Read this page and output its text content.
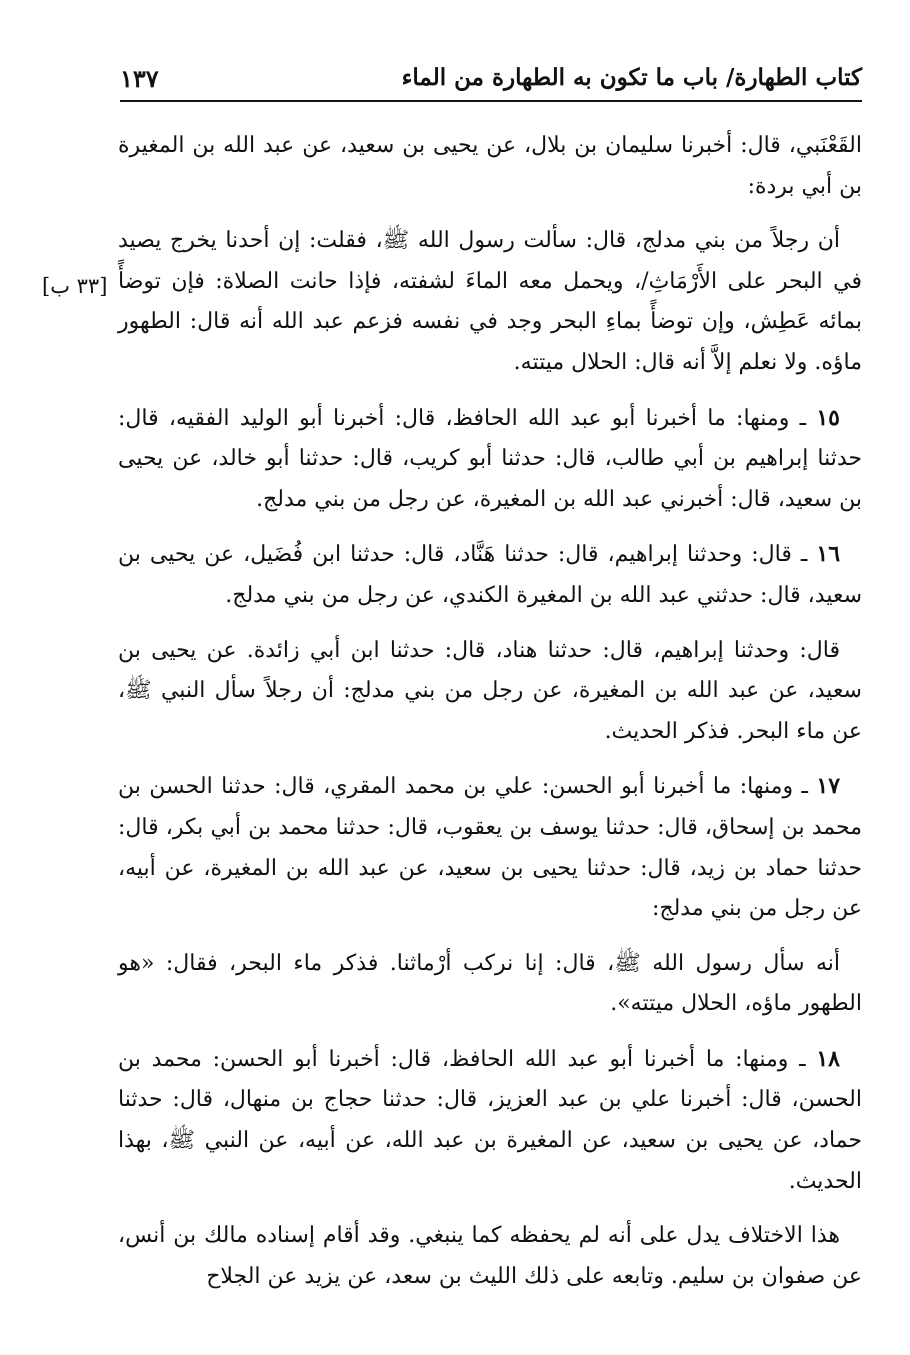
كتاب الطهارة/ باب ما تكون به الطهارة من الماء
١٣٧
[٣٣ ب]

القَعْنَبي، قال: أخبرنا سليمان بن بلال، عن يحيى بن سعيد، عن عبد الله بن المغيرة بن أبي بردة:

أن رجلاً من بني مدلج، قال: سألت رسول الله ﷺ، فقلت: إن أحدنا يخرج يصيد في البحر على الأَرْمَاثِ/، ويحمل معه الماءَ لشفته، فإذا حانت الصلاة: فإن توضأً بمائه عَطِش، وإن توضأً بماءِ البحر وجد في نفسه فزعم عبد الله أنه قال: الطهور ماؤه. ولا نعلم إلاَّ أنه قال: الحلال ميتته.

١٥ ـ ومنها: ما أخبرنا أبو عبد الله الحافظ، قال: أخبرنا أبو الوليد الفقيه، قال: حدثنا إبراهيم بن أبي طالب، قال: حدثنا أبو كريب، قال: حدثنا أبو خالد، عن يحيى بن سعيد، قال: أخبرني عبد الله بن المغيرة، عن رجل من بني مدلج.

١٦ ـ قال: وحدثنا إبراهيم، قال: حدثنا هَنَّاد، قال: حدثنا ابن فُضَيل، عن يحيى بن سعيد، قال: حدثني عبد الله بن المغيرة الكندي، عن رجل من بني مدلج.

قال: وحدثنا إبراهيم، قال: حدثنا هناد، قال: حدثنا ابن أبي زائدة. عن يحيى بن سعيد، عن عبد الله بن المغيرة، عن رجل من بني مدلج: أن رجلاً سأل النبي ﷺ، عن ماء البحر. فذكر الحديث.

١٧ ـ ومنها: ما أخبرنا أبو الحسن: علي بن محمد المقري، قال: حدثنا الحسن بن محمد بن إسحاق، قال: حدثنا يوسف بن يعقوب، قال: حدثنا محمد بن أبي بكر، قال: حدثنا حماد بن زيد، قال: حدثنا يحيى بن سعيد، عن عبد الله بن المغيرة، عن أبيه، عن رجل من بني مدلج:

أنه سأل رسول الله ﷺ، قال: إنا نركب أرْماثنا. فذكر ماء البحر، فقال: «هو الطهور ماؤه، الحلال ميتته».

١٨ ـ ومنها: ما أخبرنا أبو عبد الله الحافظ، قال: أخبرنا أبو الحسن: محمد بن الحسن، قال: أخبرنا علي بن عبد العزيز، قال: حدثنا حجاج بن منهال، قال: حدثنا حماد، عن يحيى بن سعيد، عن المغيرة بن عبد الله، عن أبيه، عن النبي ﷺ، بهذا الحديث.

هذا الاختلاف يدل على أنه لم يحفظه كما ينبغي. وقد أقام إسناده مالك بن أنس، عن صفوان بن سليم. وتابعه على ذلك الليث بن سعد، عن يزيد عن الجلاح
